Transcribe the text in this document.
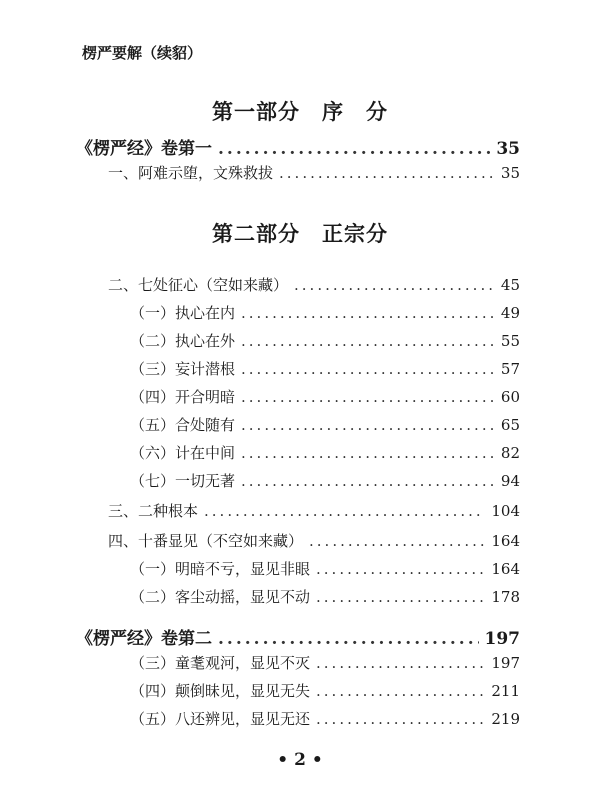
楞严要解（续貂）
第一部分　序　分
《楞严经》卷第一 .....	35
一、阿难示堕，文殊救拔 .....	35
第二部分　正宗分
二、七处征心（空如来藏） .....	45
（一）执心在内 .....	49
（二）执心在外 .....	55
（三）妄计潜根 .....	57
（四）开合明暗 .....	60
（五）合处随有 .....	65
（六）计在中间 .....	82
（七）一切无著 .....	94
三、二种根本 .....	104
四、十番显见（不空如来藏） .....	164
（一）明暗不亏，显见非眼 .....	164
（二）客尘动摇，显见不动 .....	178
《楞严经》卷第二 .....	197
（三）童耄观河，显见不灭 .....	197
（四）颠倒昧见，显见无失 .....	211
（五）八还辨见，显见无还 .....	219
• 2 •
